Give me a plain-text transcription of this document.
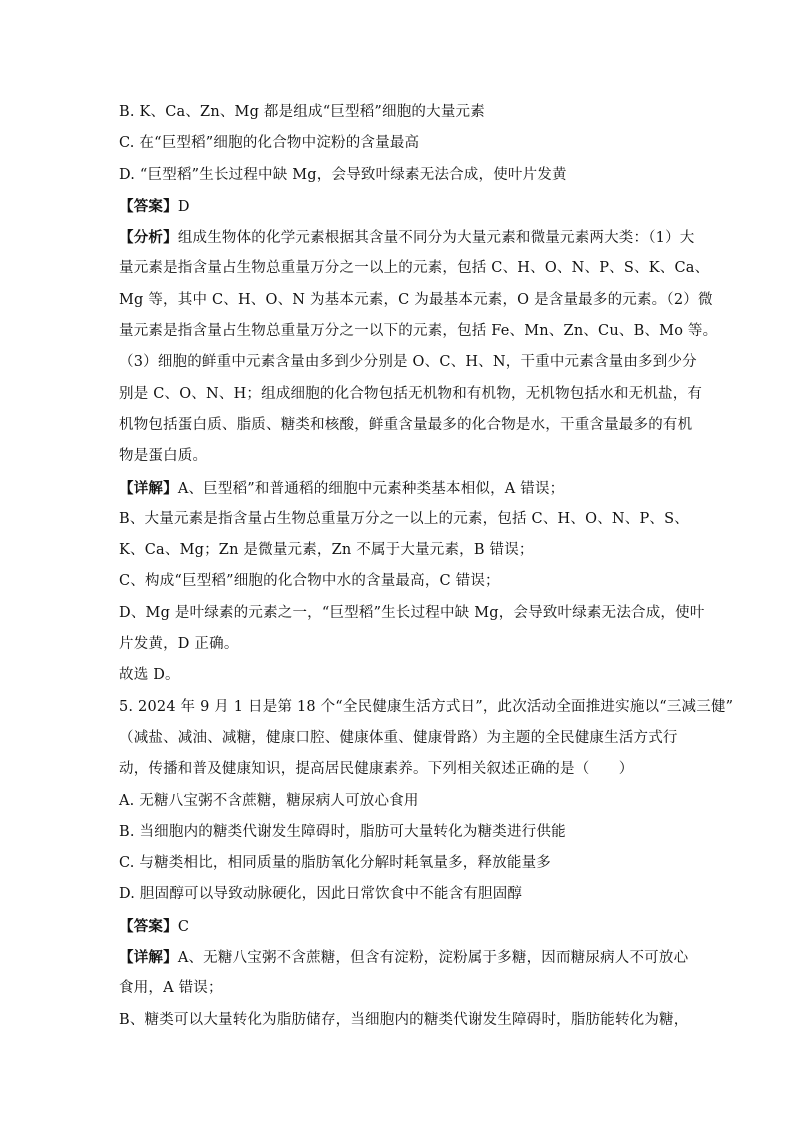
B. K、Ca、Zn、Mg 都是组成“巨型稻”细胞的大量元素
C. 在“巨型稻”细胞的化合物中淀粉的含量最高
D. “巨型稻”生长过程中缺 Mg，会导致叶绿素无法合成，使叶片发黄
【答案】D
【分析】组成生物体的化学元素根据其含量不同分为大量元素和微量元素两大类：（1）大
量元素是指含量占生物总重量万分之一以上的元素，包括 C、H、O、N、P、S、K、Ca、
Mg 等，其中 C、H、O、N 为基本元素，C 为最基本元素，O 是含量最多的元素。（2）微
量元素是指含量占生物总重量万分之一以下的元素，包括 Fe、Mn、Zn、Cu、B、Mo 等。
（3）细胞的鲜重中元素含量由多到少分别是 O、C、H、N，干重中元素含量由多到少分
别是 C、O、N、H；组成细胞的化合物包括无机物和有机物，无机物包括水和无机盐，有
机物包括蛋白质、脂质、糖类和核酸，鲜重含量最多的化合物是水，干重含量最多的有机
物是蛋白质。
【详解】A、巨型稻”和普通稻的细胞中元素种类基本相似，A 错误；
B、大量元素是指含量占生物总重量万分之一以上的元素，包括 C、H、O、N、P、S、
K、Ca、Mg；Zn 是微量元素，Zn 不属于大量元素，B 错误；
C、构成“巨型稻”细胞的化合物中水的含量最高，C 错误；
D、Mg 是叶绿素的元素之一，“巨型稻”生长过程中缺 Mg，会导致叶绿素无法合成，使叶
片发黄，D 正确。
故选 D。
5. 2024 年 9 月 1 日是第 18 个“全民健康生活方式日”，此次活动全面推进实施以“三减三健”
（减盐、减油、减糖，健康口腔、健康体重、健康骨路）为主题的全民健康生活方式行
动，传播和普及健康知识，提高居民健康素养。下列相关叙述正确的是（　　）
A. 无糖八宝粥不含蔗糖，糖尿病人可放心食用
B. 当细胞内的糖类代谢发生障碍时，脂肪可大量转化为糖类进行供能
C. 与糖类相比，相同质量的脂肪氧化分解时耗氧量多，释放能量多
D. 胆固醇可以导致动脉硬化，因此日常饮食中不能含有胆固醇
【答案】C
【详解】A、无糖八宝粥不含蔗糖，但含有淀粉，淀粉属于多糖，因而糖尿病人不可放心
食用，A 错误；
B、糖类可以大量转化为脂肪储存，当细胞内的糖类代谢发生障碍时，脂肪能转化为糖，
